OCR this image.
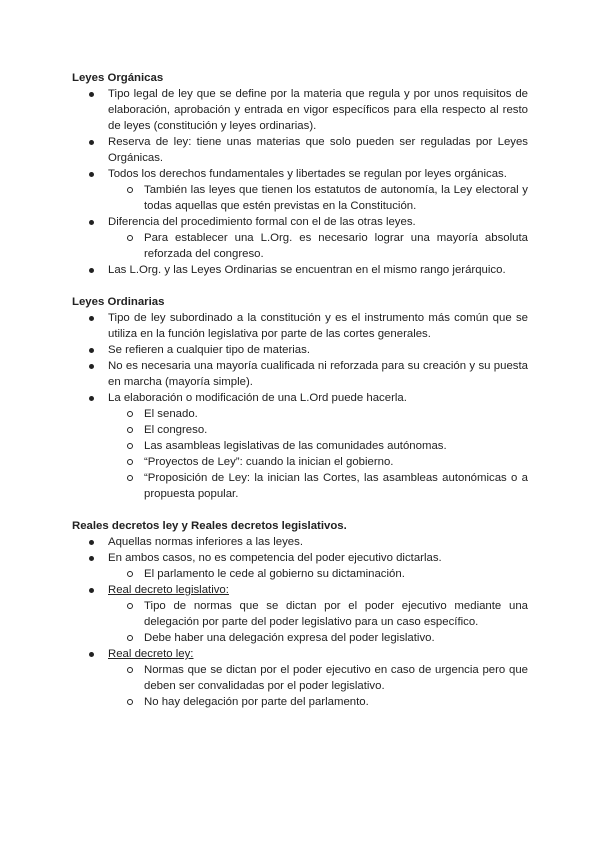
Leyes Orgánicas
Tipo legal de ley que se define por la materia que regula y por unos requisitos de elaboración, aprobación y entrada en vigor específicos para ella respecto al resto de leyes (constitución y leyes ordinarias).
Reserva de ley: tiene unas materias que solo pueden ser reguladas por Leyes Orgánicas.
Todos los derechos fundamentales y libertades se regulan por leyes orgánicas.
También las leyes que tienen los estatutos de autonomía, la Ley electoral y todas aquellas que estén previstas en la Constitución.
Diferencia del procedimiento formal con el de las otras leyes.
Para establecer una L.Org. es necesario lograr una mayoría absoluta reforzada del congreso.
Las L.Org. y las Leyes Ordinarias se encuentran en el mismo rango jerárquico.
Leyes Ordinarias
Tipo de ley subordinado a la constitución y es el instrumento más común que se utiliza en la función legislativa por parte de las cortes generales.
Se refieren a cualquier tipo de materias.
No es necesaria una mayoría cualificada ni reforzada para su creación y su puesta en marcha (mayoría simple).
La elaboración o modificación de una L.Ord puede hacerla.
El senado.
El congreso.
Las asambleas legislativas de las comunidades autónomas.
“Proyectos de Ley”: cuando la inician el gobierno.
“Proposición de Ley: la inician las Cortes, las asambleas autonómicas o a propuesta popular.
Reales decretos ley y Reales decretos legislativos.
Aquellas normas inferiores a las leyes.
En ambos casos, no es competencia del poder ejecutivo dictarlas.
El parlamento le cede al gobierno su dictaminación.
Real decreto legislativo:
Tipo de normas que se dictan por el poder ejecutivo mediante una delegación por parte del poder legislativo para un caso específico.
Debe haber una delegación expresa del poder legislativo.
Real decreto ley:
Normas que se dictan por el poder ejecutivo en caso de urgencia pero que deben ser convalidadas por el poder legislativo.
No hay delegación por parte del parlamento.
